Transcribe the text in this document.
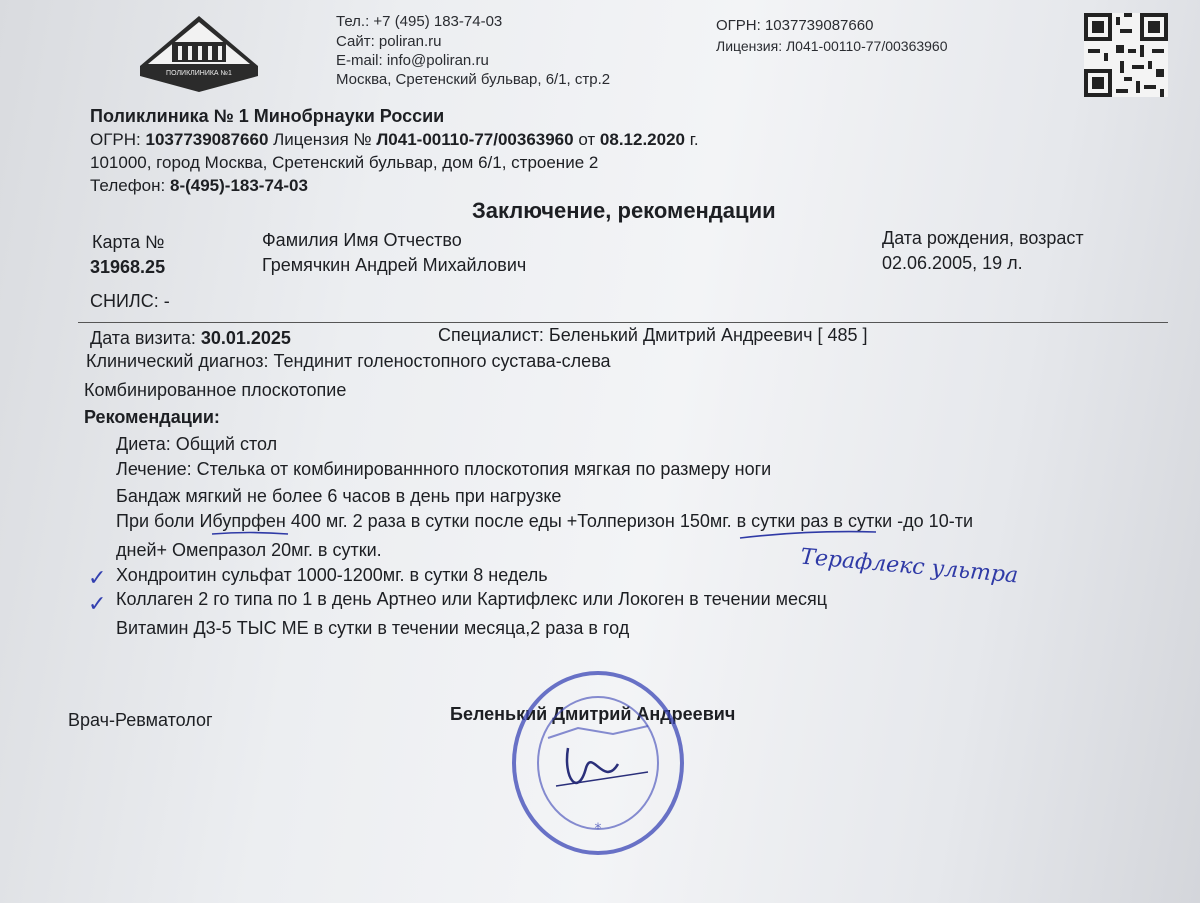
ПОЛИКЛИНИКА №1
Тел.: +7 (495) 183-74-03
Сайт: poliran.ru
E-mail: info@poliran.ru
Москва, Сретенский бульвар, 6/1, стр.2
ОГРН: 1037739087660
Лицензия: Л041-00110-77/00363960
Поликлиника № 1 Минобрнауки России
ОГРН: 1037739087660 Лицензия № Л041-00110-77/00363960 от 08.12.2020 г.
101000, город Москва, Сретенский бульвар, дом 6/1, строение 2
Телефон: 8-(495)-183-74-03
Заключение, рекомендации
Карта №
31968.25
Фамилия Имя Отчество
Гремячкин Андрей Михайлович
Дата рождения, возраст
02.06.2005, 19 л.
СНИЛС: -
Дата визита: 30.01.2025	Специалист: Беленький Дмитрий Андреевич [ 485 ]
Клинический диагноз: Тендинит голеностопного сустава-слева
Комбинированное плоскотопие
Рекомендации:
Диета: Общий стол
Лечение: Стелька от комбинированнного плоскотопия мягкая по размеру ноги
Бандаж мягкий не более 6 часов в день при нагрузке
При боли Ибупрфен 400 мг. 2 раза в сутки после еды +Толперизон 150мг. в сутки раз в сутки -до 10-ти
дней+ Омепразол 20мг. в сутки.
Хондроитин сульфат 1000-1200мг. в сутки 8 недель
Коллаген 2 го типа по 1 в день Артнео или Картифлекс или Локоген в течении месяц
Витамин Д3-5 ТЫС МЕ в сутки в течении месяца,2 раза в год
✓
✓
Терафлекс ультра
Врач-Ревматолог	Беленький Дмитрий Андреевич
*
